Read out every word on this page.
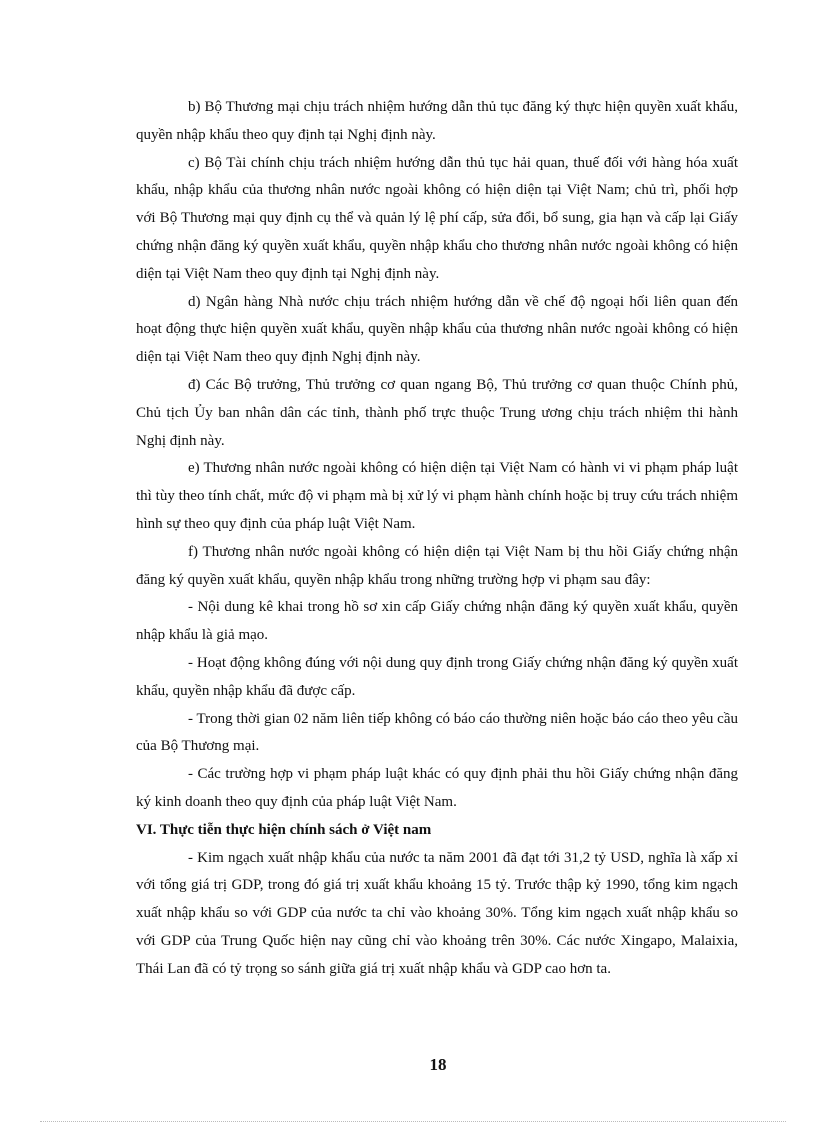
b) Bộ Thương mại chịu trách nhiệm hướng dẫn thủ tục đăng ký thực hiện quyền xuất khẩu, quyền nhập khẩu theo quy định tại Nghị định này.

c) Bộ Tài chính chịu trách nhiệm hướng dẫn thủ tục hải quan, thuế đối với hàng hóa xuất khẩu, nhập khẩu của thương nhân nước ngoài không có hiện diện tại Việt Nam; chủ trì, phối hợp với Bộ Thương mại quy định cụ thể và quản lý lệ phí cấp, sửa đổi, bổ sung, gia hạn và cấp lại Giấy chứng nhận đăng ký quyền xuất khẩu, quyền nhập khẩu cho thương nhân nước ngoài không có hiện diện tại Việt Nam theo quy định tại Nghị định này.

d) Ngân hàng Nhà nước chịu trách nhiệm hướng dẫn về chế độ ngoại hối liên quan đến hoạt động thực hiện quyền xuất khẩu, quyền nhập khẩu của thương nhân nước ngoài không có hiện diện tại Việt Nam theo quy định Nghị định này.

đ) Các Bộ trưởng, Thủ trưởng cơ quan ngang Bộ, Thủ trưởng cơ quan thuộc Chính phủ, Chủ tịch Ủy ban nhân dân các tỉnh, thành phố trực thuộc Trung ương chịu trách nhiệm thi hành Nghị định này.

e) Thương nhân nước ngoài không có hiện diện tại Việt Nam có hành vi vi phạm pháp luật thì tùy theo tính chất, mức độ vi phạm mà bị xử lý vi phạm hành chính hoặc bị truy cứu trách nhiệm hình sự theo quy định của pháp luật Việt Nam.

f) Thương nhân nước ngoài không có hiện diện tại Việt Nam bị thu hồi Giấy chứng nhận đăng ký quyền xuất khẩu, quyền nhập khẩu trong những trường hợp vi phạm sau đây:

- Nội dung kê khai trong hồ sơ xin cấp Giấy chứng nhận đăng ký quyền xuất khẩu, quyền nhập khẩu là giả mạo.

- Hoạt động không đúng với nội dung quy định trong Giấy chứng nhận đăng ký quyền xuất khẩu, quyền nhập khẩu đã được cấp.

- Trong thời gian 02 năm liên tiếp không có báo cáo thường niên hoặc báo cáo theo yêu cầu của Bộ Thương mại.

- Các trường hợp vi phạm pháp luật khác có quy định phải thu hồi Giấy chứng nhận đăng ký kinh doanh theo quy định của pháp luật Việt Nam.

VI. Thực tiễn thực hiện chính sách ở Việt nam

- Kim ngạch xuất nhập khẩu của nước ta năm 2001 đã đạt tới 31,2 tỷ USD, nghĩa là xấp xỉ với tổng giá trị GDP, trong đó giá trị xuất khẩu khoảng 15 tỷ. Trước thập kỷ 1990, tổng kim ngạch xuất nhập khẩu so với GDP của nước ta chỉ vào khoảng 30%. Tổng kim ngạch xuất nhập khẩu so với GDP của Trung Quốc hiện nay cũng chỉ vào khoảng trên 30%. Các nước Xingapo, Malaixia, Thái Lan đã có tỷ trọng so sánh giữa giá trị xuất nhập khẩu và GDP cao hơn ta.

18
